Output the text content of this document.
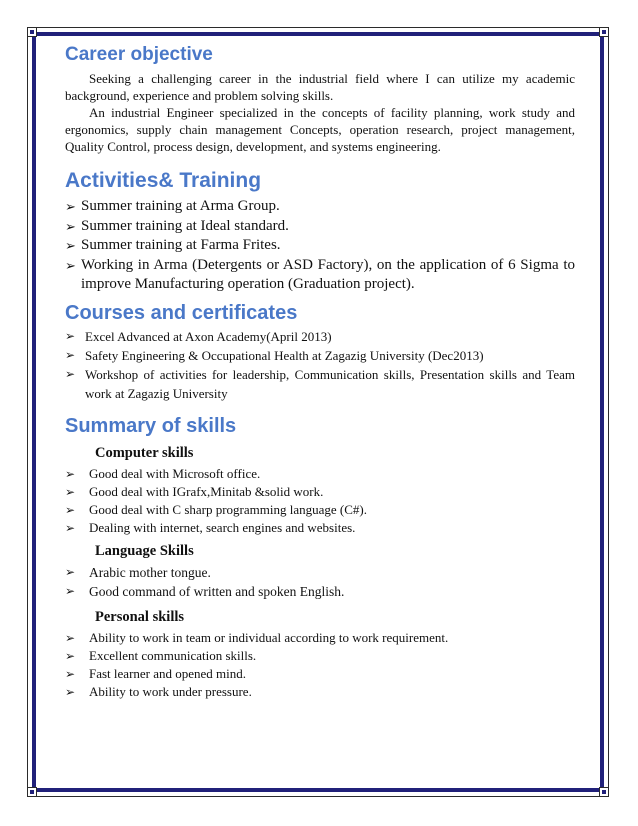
Career objective

Seeking a challenging career in the industrial field where I can utilize my academic background, experience and problem solving skills.

An industrial Engineer specialized in the concepts of facility planning, work study and ergonomics, supply chain management Concepts, operation research, project management, Quality Control, process design, development, and systems engineering.

Activities& Training
➢ Summer training at Arma Group.
➢ Summer training at Ideal standard.
➢ Summer training at Farma Frites.
➢ Working in Arma (Detergents or ASD Factory), on the application of 6 Sigma to improve Manufacturing operation (Graduation project).
Courses and certificates
➢ Excel Advanced at Axon Academy(April 2013)
➢ Safety Engineering & Occupational Health at Zagazig University (Dec2013)
➢ Workshop of activities for leadership, Communication skills, Presentation skills and Team work at Zagazig University
Summary of skills
Computer skills
➢ Good deal with Microsoft office.
➢ Good deal with IGrafx,Minitab &solid work.
➢ Good deal with C sharp programming language (C#).
➢ Dealing with internet, search engines and websites.
Language Skills
➢ Arabic mother tongue.
➢ Good command of written and spoken English.
Personal skills
➢ Ability to work in team or individual according to work requirement.
➢ Excellent communication skills.
➢ Fast learner and opened mind.
➢ Ability to work under pressure.
